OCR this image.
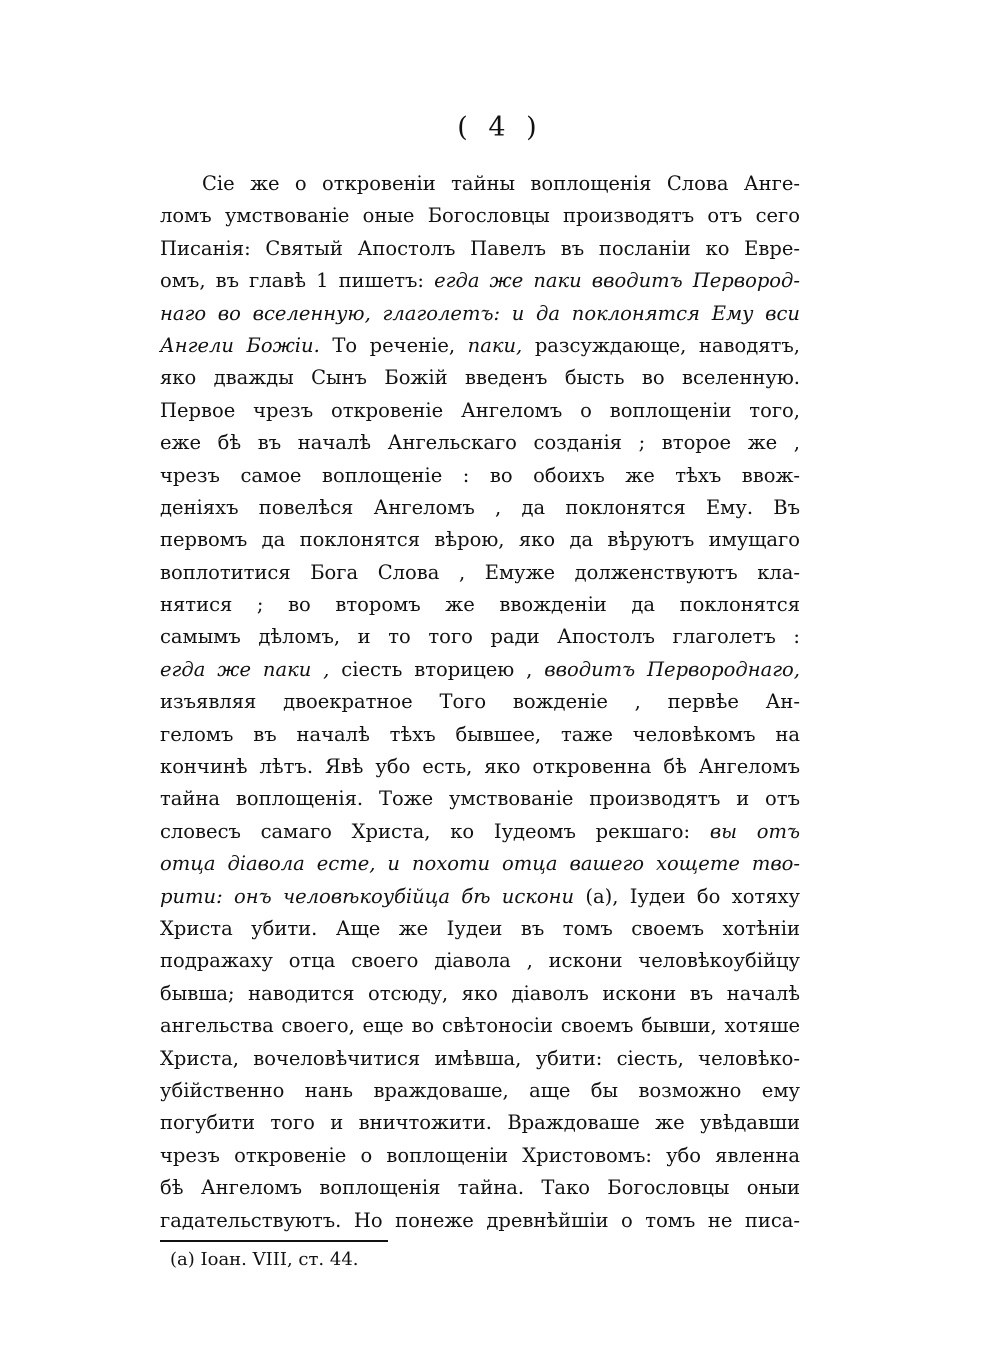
( 4 )
Сіе же о откровеніи тайны воплощенія Слова Анге-
ломъ умствованіе оные Богословцы производятъ отъ сего
Писанія: Святый Апостолъ Павелъ въ посланіи ко Евре-
омъ, въ главѣ 1 пишетъ: егда же паки вводитъ Первород-
наго во вселенную, глаголетъ: и да поклонятся Ему вси
Ангели Божіи. То реченіе, паки, разсуждающе, наводятъ,
яко дважды Сынъ Божій введенъ бысть во вселенную.
Первое чрезъ откровеніе Ангеломъ о воплощеніи того,
еже бѣ въ началѣ Ангельскаго созданія ; второе же ,
чрезъ самое воплощеніе : во обоихъ же тѣхъ ввож-
деніяхъ повелѣся Ангеломъ , да поклонятся Ему. Въ
первомъ да поклонятся вѣрою, яко да вѣруютъ имущаго
воплотитися Бога Слова , Емуже долженствуютъ кла-
нятися ; во второмъ же ввожденіи да поклонятся
самымъ дѣломъ, и то того ради Апостолъ глаголетъ :
егда же паки , сіесть вторицею , вводитъ Первороднаго,
изъявляя двоекратное Того вожденіе , первѣе Ан-
геломъ въ началѣ тѣхъ бывшее, таже человѣкомъ на
кончинѣ лѣтъ. Явѣ убо есть, яко откровенна бѣ Ангеломъ
тайна воплощенія. Тоже умствованіе производятъ и отъ
словесъ самаго Христа, ко Іудеомъ рекшаго: вы отъ
отца діавола есте, и похоти отца вашего хощете тво-
рити: онъ человѣкоубійца бѣ искони (а), Іудеи бо хотяху
Христа убити. Аще же Іудеи въ томъ своемъ хотѣніи
подражаху отца своего діавола , искони человѣкоубійцу
бывша; наводится отсюду, яко діаволъ искони въ началѣ
ангельства своего, еще во свѣтоносіи своемъ бывши, хотяше
Христа, вочеловѣчитися имѣвша, убити: сіесть, человѣко-
убійственно нань враждоваше, аще бы возможно ему
погубити того и вничтожити. Враждоваше же увѣдавши
чрезъ откровеніе о воплощеніи Христовомъ: убо явленна
бѣ Ангеломъ воплощенія тайна. Тако Богословцы оныи
гадательствуютъ. Но понеже древнѣйшіи о томъ не писа-
(а) Іоан. VIII, ст. 44.
